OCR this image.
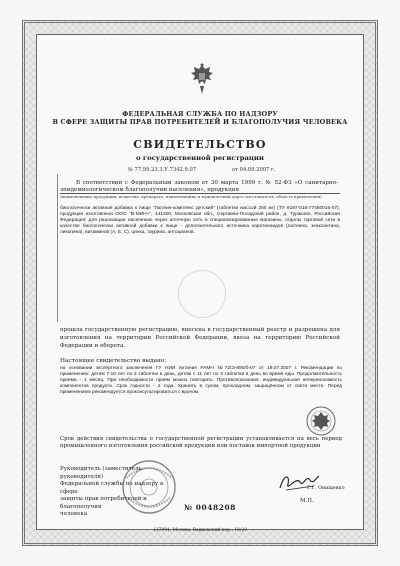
ФЕДЕРАЛЬНАЯ СЛУЖБА ПО НАДЗОРУ
В СФЕРЕ ЗАЩИТЫ ПРАВ ПОТРЕБИТЕЛЕЙ И БЛАГОПОЛУЧИЯ ЧЕЛОВЕКА
СВИДЕТЕЛЬСТВО
о государственной регистрации
№ 77.99.23.3.У.7342.9.07	от 04.09.2007 г.
В соответствии с Федеральным законом от 30 марта 1999 г. № 52-ФЗ «О санитарно-эпидемиологическом благополучии населения», продукция
(наименование продукции, вещества, препарата, наименование и юридический адрес изготовителя, область применения)
биологически активная добавка к пище "Лютеин-комплекс детский" (таблетки массой 250 мг) (ТУ 9197-015-77480016-07), продукция изготовлена ООО "В-МИН+", 141300, Московская обл., Сергиево-Посадский район, д. Тураково, Российская Федерация; для реализации населению через аптечную сеть и специализированные магазины, отделы торговой сети в качестве биологически активной добавки к пище - дополнительного источника каротиноидов (лютеина, зеаксантина, ликопина), витаминов (А, Е, С), цинка, таурина, антоцианов.
прошла государственную регистрацию, внесена в государственный реестр и разрешена для изготовления на территории Российской Федерации, ввоза на территорию Российской Федерации и оборота.
Настоящее свидетельство выдано:
на основании экспертного заключения ГУ НИИ питания РАМН №72/Э-890/б-07 от 19.07.2007 г. Рекомендации по применению: детям 7-10 лет по 2 таблетки в день, детям с 11 лет по 3 таблетки в день во время еды. Продолжительность приёма - 1 месяц. При необходимости приём можно повторить. Противопоказания: индивидуальная непереносимость компонентов продукта. Срок годности - 2 года. Хранить в сухом, прохладном, защищённом от света месте. Перед применением рекомендуется проконсультироваться с врачом.
Срок действия свидетельства о государственной регистрации устанавливается на весь период промышленного изготовления российской продукции или поставок импортной продукции
Руководитель (заместитель руководителя)
Федеральной службы по надзору в сфере
защиты прав потребителей и благополучия
человека
Г.Г. Онищенко
М.П.
№ 0048208
127994, Москва, Вадковский пер., 18/20
